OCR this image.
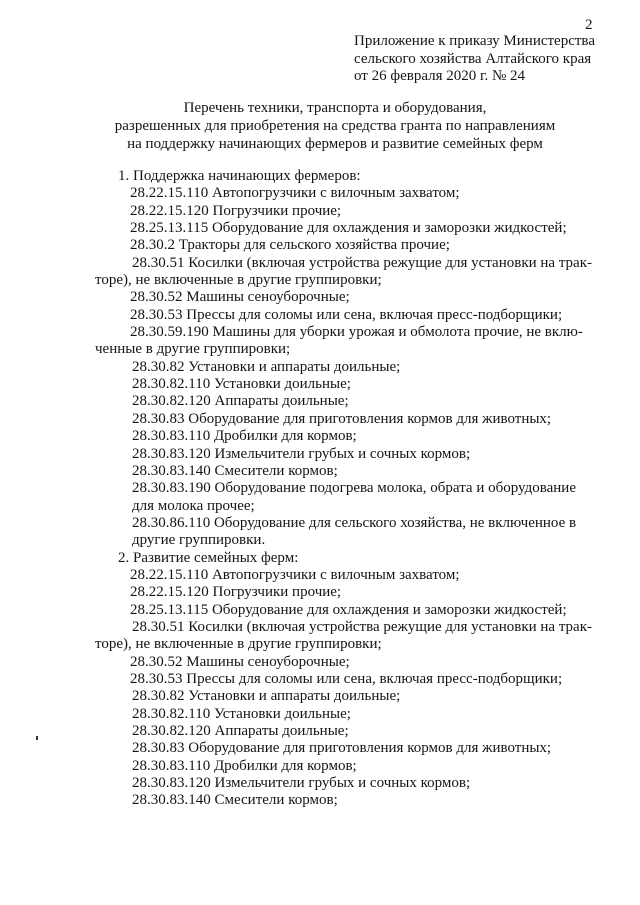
2
Приложение к приказу Министерства
сельского хозяйства Алтайского края
от 26 февраля 2020 г. № 24
Перечень техники, транспорта и оборудования,
разрешенных для приобретения на средства гранта по направлениям
на поддержку начинающих фермеров и развитие семейных ферм
1. Поддержка начинающих фермеров:
28.22.15.110 Автопогрузчики с вилочным захватом;
28.22.15.120 Погрузчики прочие;
28.25.13.115 Оборудование для охлаждения и заморозки жидкостей;
28.30.2 Тракторы для сельского хозяйства прочие;
28.30.51 Косилки (включая устройства режущие для установки на трак-
торе), не включенные в другие группировки;
28.30.52 Машины сеноуборочные;
28.30.53 Прессы для соломы или сена, включая пресс-подборщики;
28.30.59.190 Машины для уборки урожая и обмолота прочие, не вклю-
ченные в другие группировки;
28.30.82 Установки и аппараты доильные;
28.30.82.110 Установки доильные;
28.30.82.120 Аппараты доильные;
28.30.83 Оборудование для приготовления кормов для животных;
28.30.83.110 Дробилки для кормов;
28.30.83.120 Измельчители грубых и сочных кормов;
28.30.83.140 Смесители кормов;
28.30.83.190 Оборудование подогрева молока, обрата и оборудование
для молока прочее;
28.30.86.110 Оборудование для сельского хозяйства, не включенное в
другие группировки.
2. Развитие семейных ферм:
28.22.15.110 Автопогрузчики с вилочным захватом;
28.22.15.120 Погрузчики прочие;
28.25.13.115 Оборудование для охлаждения и заморозки жидкостей;
28.30.51 Косилки (включая устройства режущие для установки на трак-
торе), не включенные в другие группировки;
28.30.52 Машины сеноуборочные;
28.30.53 Прессы для соломы или сена, включая пресс-подборщики;
28.30.82 Установки и аппараты доильные;
28.30.82.110 Установки доильные;
28.30.82.120 Аппараты доильные;
28.30.83 Оборудование для приготовления кормов для животных;
28.30.83.110 Дробилки для кормов;
28.30.83.120 Измельчители грубых и сочных кормов;
28.30.83.140 Смесители кормов;
